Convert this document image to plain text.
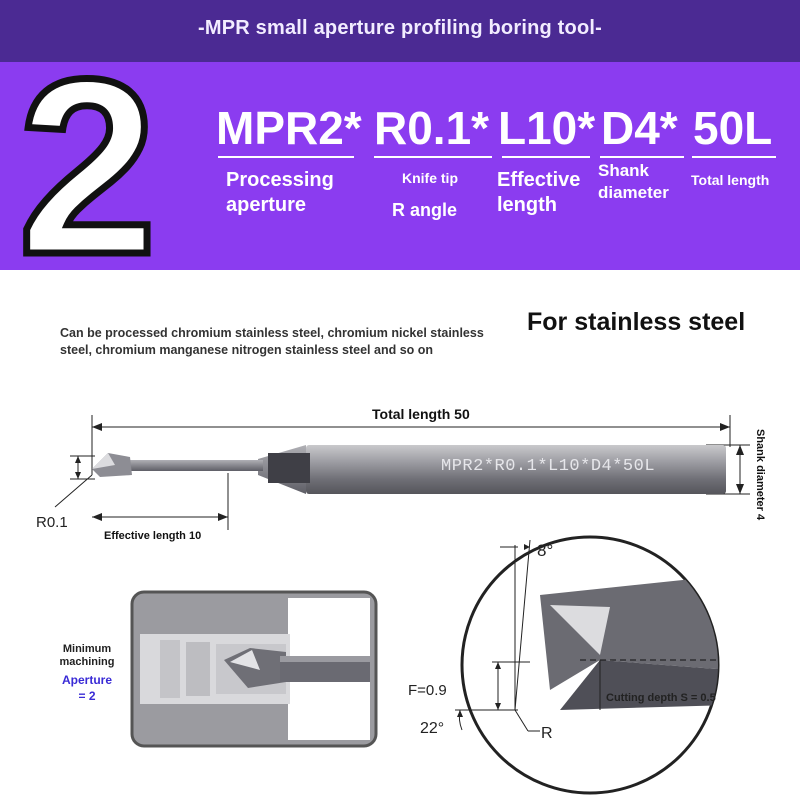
-MPR small aperture profiling boring tool-
2 MPR2* R0.1* L10* D4* 50L
Processing aperture
Knife tip
R angle
Effective length
Shank diameter
Total length
For stainless steel
Can be processed chromium stainless steel, chromium nickel stainless steel, chromium manganese nitrogen stainless steel and so on
Total length 50
MPR2*R0.1*L10*D4*50L	Shank diameter 4
R0.1
Effective length 10
Minimum machining
Aperture
= 2
8°
F=0.9
22°	R
Cutting depth S = 0.5
